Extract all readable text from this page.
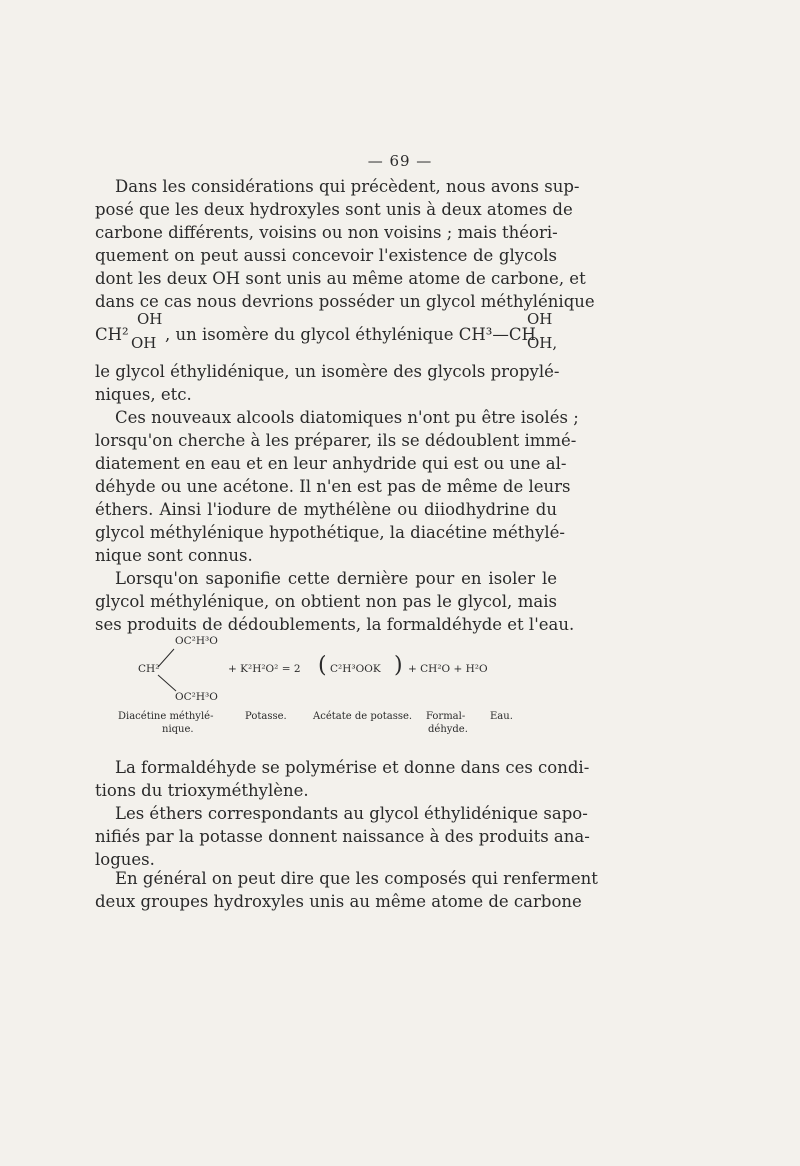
— 69 —
Dans les considérations qui précèdent, nous avons sup-
posé que les deux hydroxyles sont unis à deux atomes de
carbone différents, voisins ou non voisins ; mais théori-
quement on peut aussi concevoir l'existence de glycols
dont les deux OH sont unis au même atome de carbone, et
dans ce cas nous devrions posséder un glycol méthylénique
CH²
OH
OH , un isomère du glycol éthylénique CH³—CH
OH
OH,
le glycol éthylidénique, un isomère des glycols propylé-
niques, etc.
Ces nouveaux alcools diatomiques n'ont pu être isolés ;
lorsqu'on cherche à les préparer, ils se dédoublent immé-
diatement en eau et en leur anhydride qui est ou une al-
déhyde ou une acétone. Il n'en est pas de même de leurs
éthers. Ainsi l'iodure de mythélène ou diiodhydrine du
glycol méthylénique hypothétique, la diacétine méthylé-
nique sont connus.
Lorsqu'on saponifie cette dernière pour en isoler le
glycol méthylénique, on obtient non pas le glycol, mais
ses produits de dédoublements, la formaldéhyde et l'eau.
OC²H³O
CH²	+ K²H²O² = 2 ( C²H³OOK ) + CH²O + H²O
OC²H³O
Diacétine méthylé-
nique.
Potasse.	Acétate de potasse. Formal-
déhyde.
Eau.
La formaldéhyde se polymérise et donne dans ces condi-
tions du trioxyméthylène.
Les éthers correspondants au glycol éthylidénique sapo-
nifiés par la potasse donnent naissance à des produits ana-
logues.
En général on peut dire que les composés qui renferment
deux groupes hydroxyles unis au même atome de carbone
